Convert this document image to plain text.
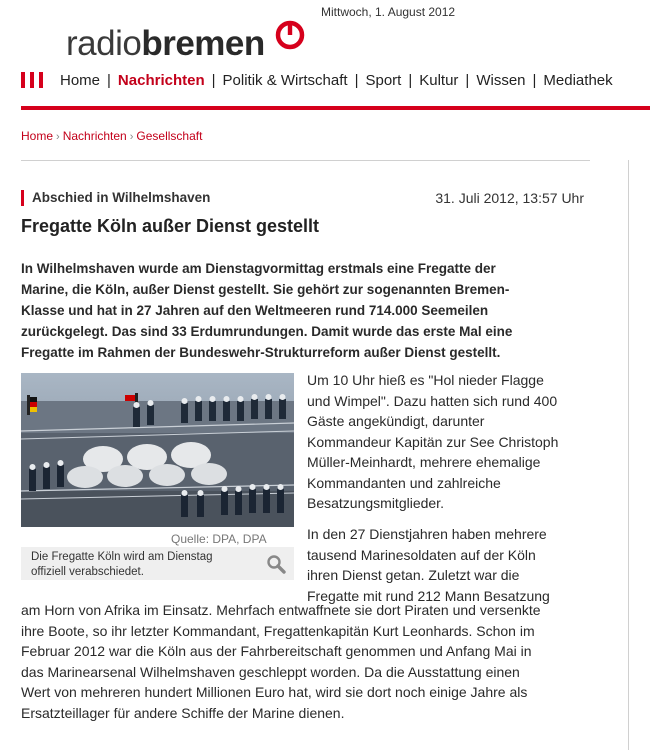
radiobremen
Mittwoch, 1. August 2012
Home | Nachrichten | Politik & Wirtschaft | Sport | Kultur | Wissen | Mediathek
Home › Nachrichten › Gesellschaft
Abschied in Wilhelmshaven	31. Juli 2012, 13:57 Uhr
Fregatte Köln außer Dienst gestellt

In Wilhelmshaven wurde am Dienstagvormittag erstmals eine Fregatte der

Marine, die Köln, außer Dienst gestellt. Sie gehört zur sogenannten Bremen-

Klasse und hat in 27 Jahren auf den Weltmeeren rund 714.000 Seemeilen

zurückgelegt. Das sind 33 Erdumrundungen. Damit wurde das erste Mal eine

Fregatte im Rahmen der Bundeswehr-Strukturreform außer Dienst gestellt.

Quelle: DPA, DPA
Die Fregatte Köln wird am Dienstag
offiziell verabschiedet.

Um 10 Uhr hieß es "Hol nieder Flagge

und Wimpel". Dazu hatten sich rund 400

Gäste angekündigt, darunter

Kommandeur Kapitän zur See Christoph

Müller-Meinhardt, mehrere ehemalige

Kommandanten und zahlreiche

Besatzungsmitglieder.

In den 27 Dienstjahren haben mehrere

tausend Marinesoldaten auf der Köln

ihren Dienst getan. Zuletzt war die

Fregatte mit rund 212 Mann Besatzung

am Horn von Afrika im Einsatz. Mehrfach entwaffnete sie dort Piraten und versenkte

ihre Boote, so ihr letzter Kommandant, Fregattenkapitän Kurt Leonhards. Schon im

Februar 2012 war die Köln aus der Fahrbereitschaft genommen und Anfang Mai in

das Marinearsenal Wilhelmshaven geschleppt worden. Da die Ausstattung einen

Wert von mehreren hundert Millionen Euro hat, wird sie dort noch einige Jahre als

Ersatzteillager für andere Schiffe der Marine dienen.
